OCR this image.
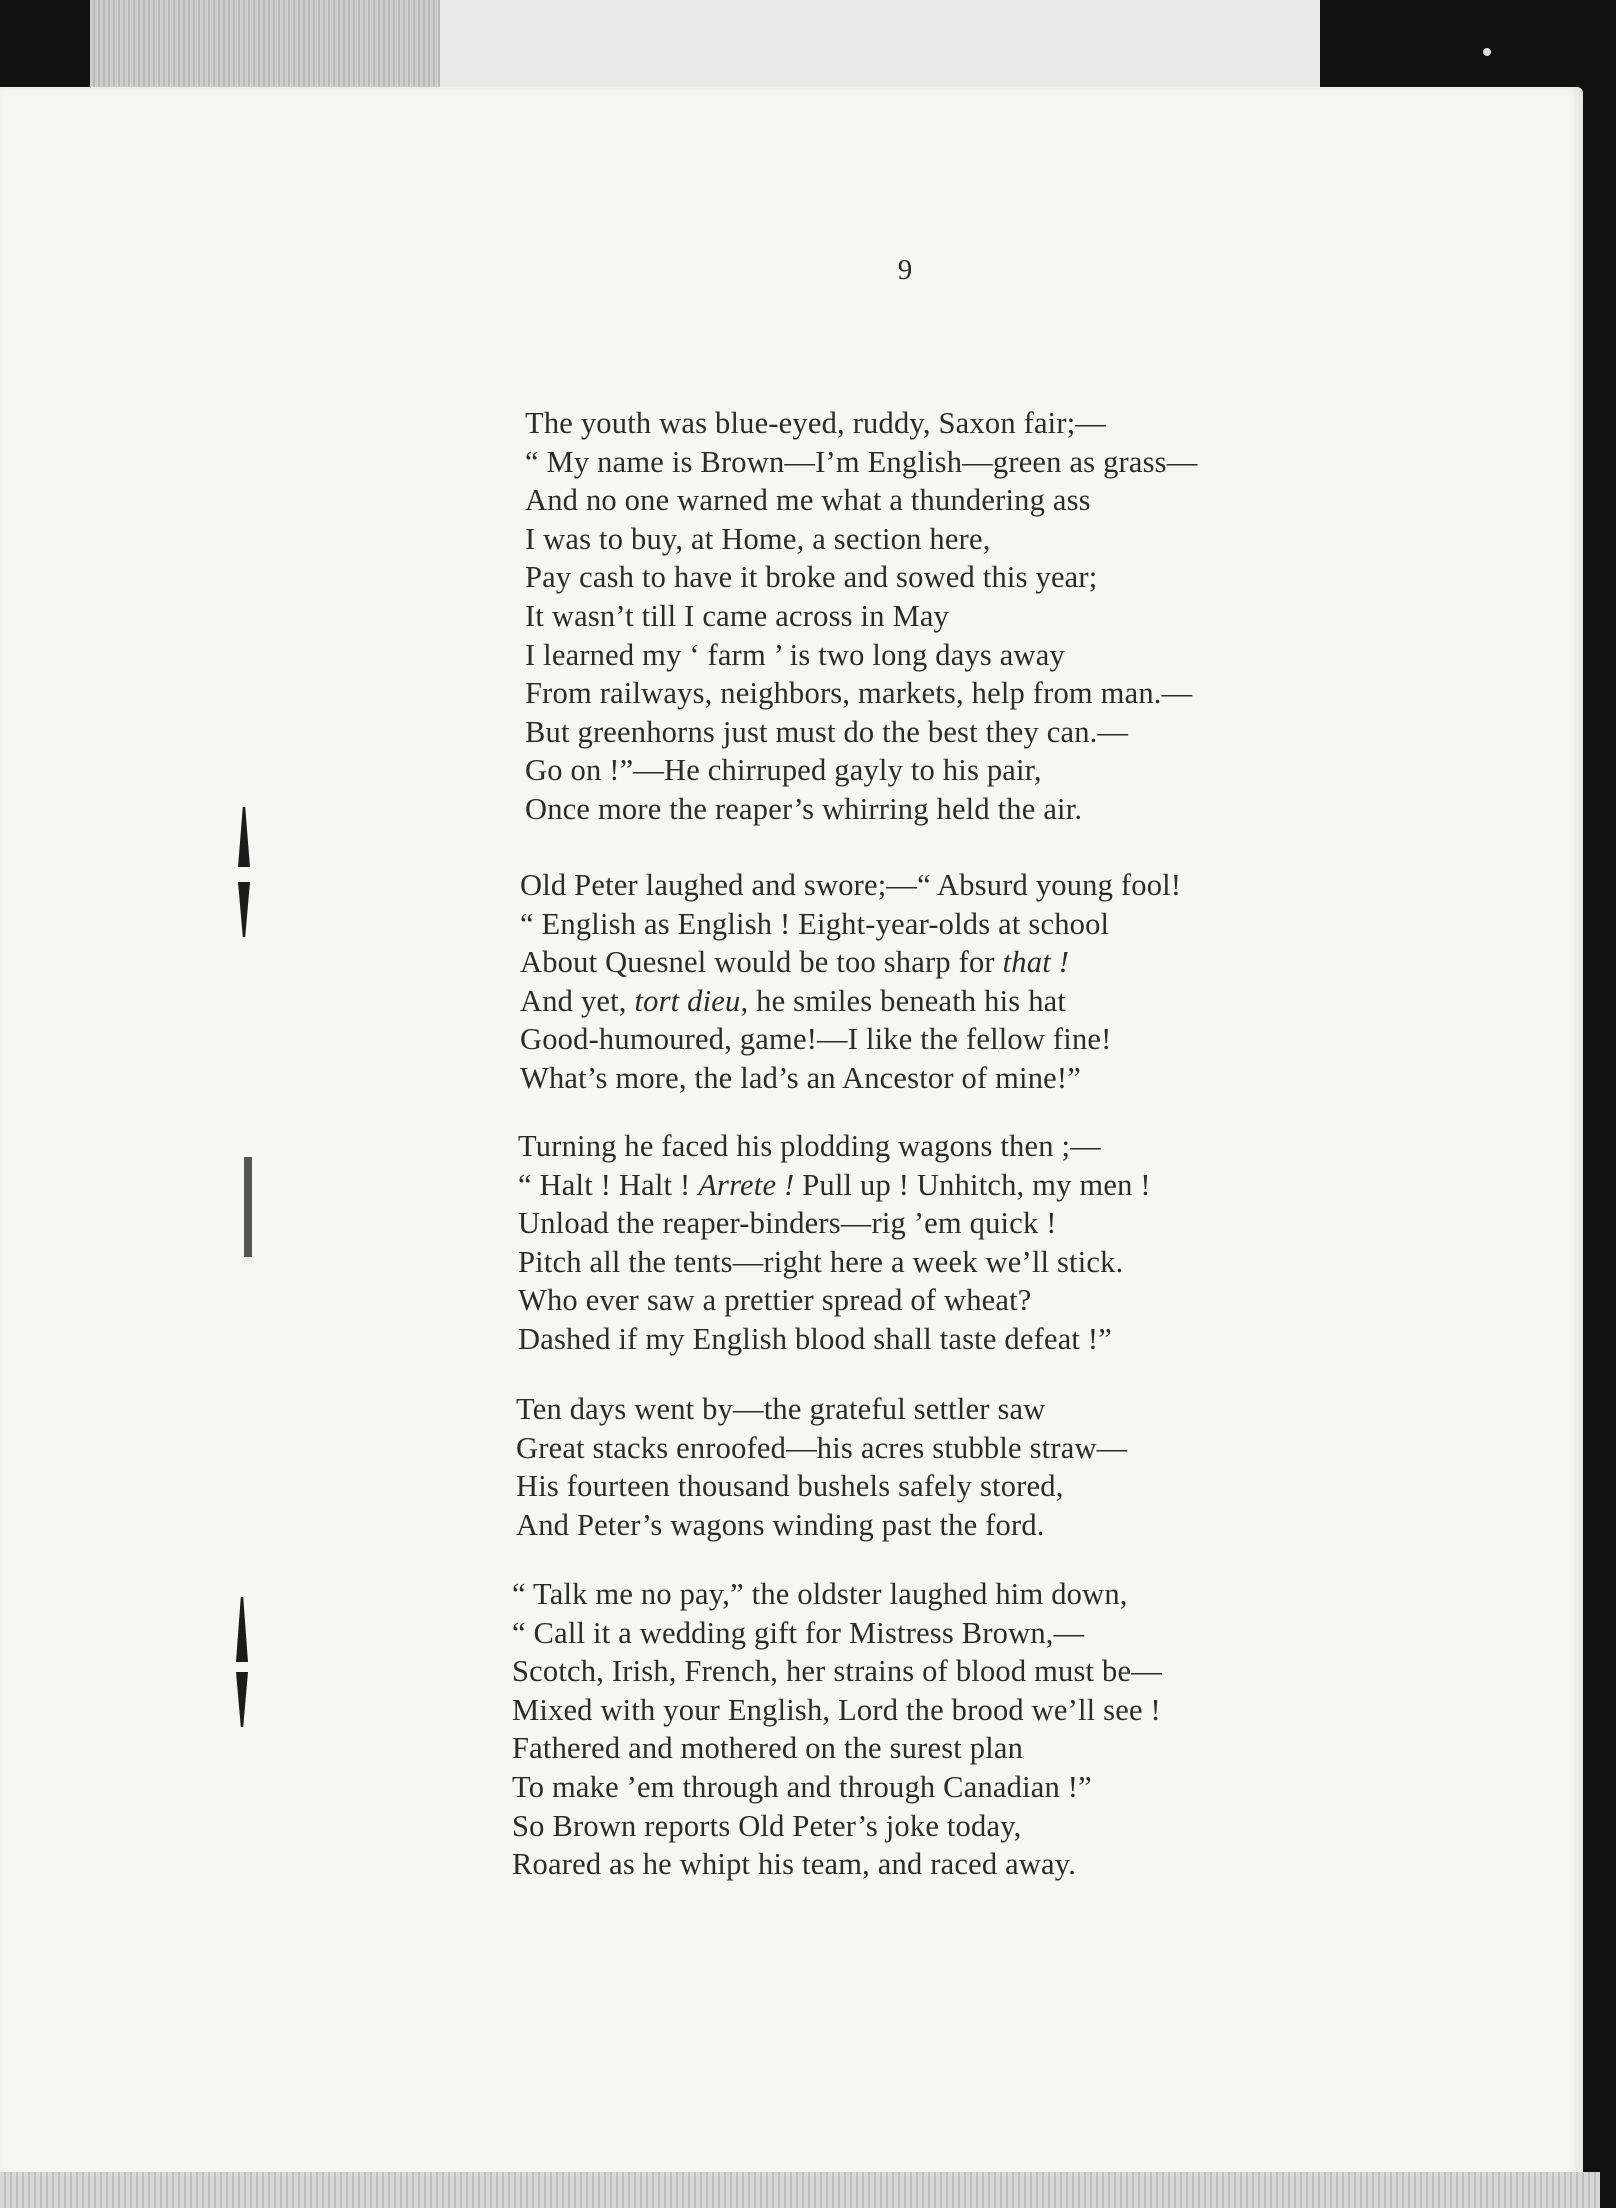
9
The youth was blue-eyed, ruddy, Saxon fair;—
“ My name is Brown—I’m English—green as grass—
And no one warned me what a thundering ass
I was to buy, at Home, a section here,
Pay cash to have it broke and sowed this year;
It wasn’t till I came across in May
I learned my ‘ farm ’ is two long days away
From railways, neighbors, markets, help from man.—
But greenhorns just must do the best they can.—
Go on !”—He chirruped gayly to his pair,
Once more the reaper’s whirring held the air.
Old Peter laughed and swore;—“ Absurd young fool!
“ English as English ! Eight-year-olds at school
About Quesnel would be too sharp for that !
And yet, tort dieu, he smiles beneath his hat
Good-humoured, game!—I like the fellow fine!
What’s more, the lad’s an Ancestor of mine!”
Turning he faced his plodding wagons then ;—
“ Halt ! Halt ! Arrete ! Pull up ! Unhitch, my men !
Unload the reaper-binders—rig ’em quick !
Pitch all the tents—right here a week we’ll stick.
Who ever saw a prettier spread of wheat?
Dashed if my English blood shall taste defeat !”
Ten days went by—the grateful settler saw
Great stacks enroofed—his acres stubble straw—
His fourteen thousand bushels safely stored,
And Peter’s wagons winding past the ford.
“ Talk me no pay,” the oldster laughed him down,
“ Call it a wedding gift for Mistress Brown,—
Scotch, Irish, French, her strains of blood must be—
Mixed with your English, Lord the brood we’ll see !
Fathered and mothered on the surest plan
To make ’em through and through Canadian !”
So Brown reports Old Peter’s joke today,
Roared as he whipt his team, and raced away.
